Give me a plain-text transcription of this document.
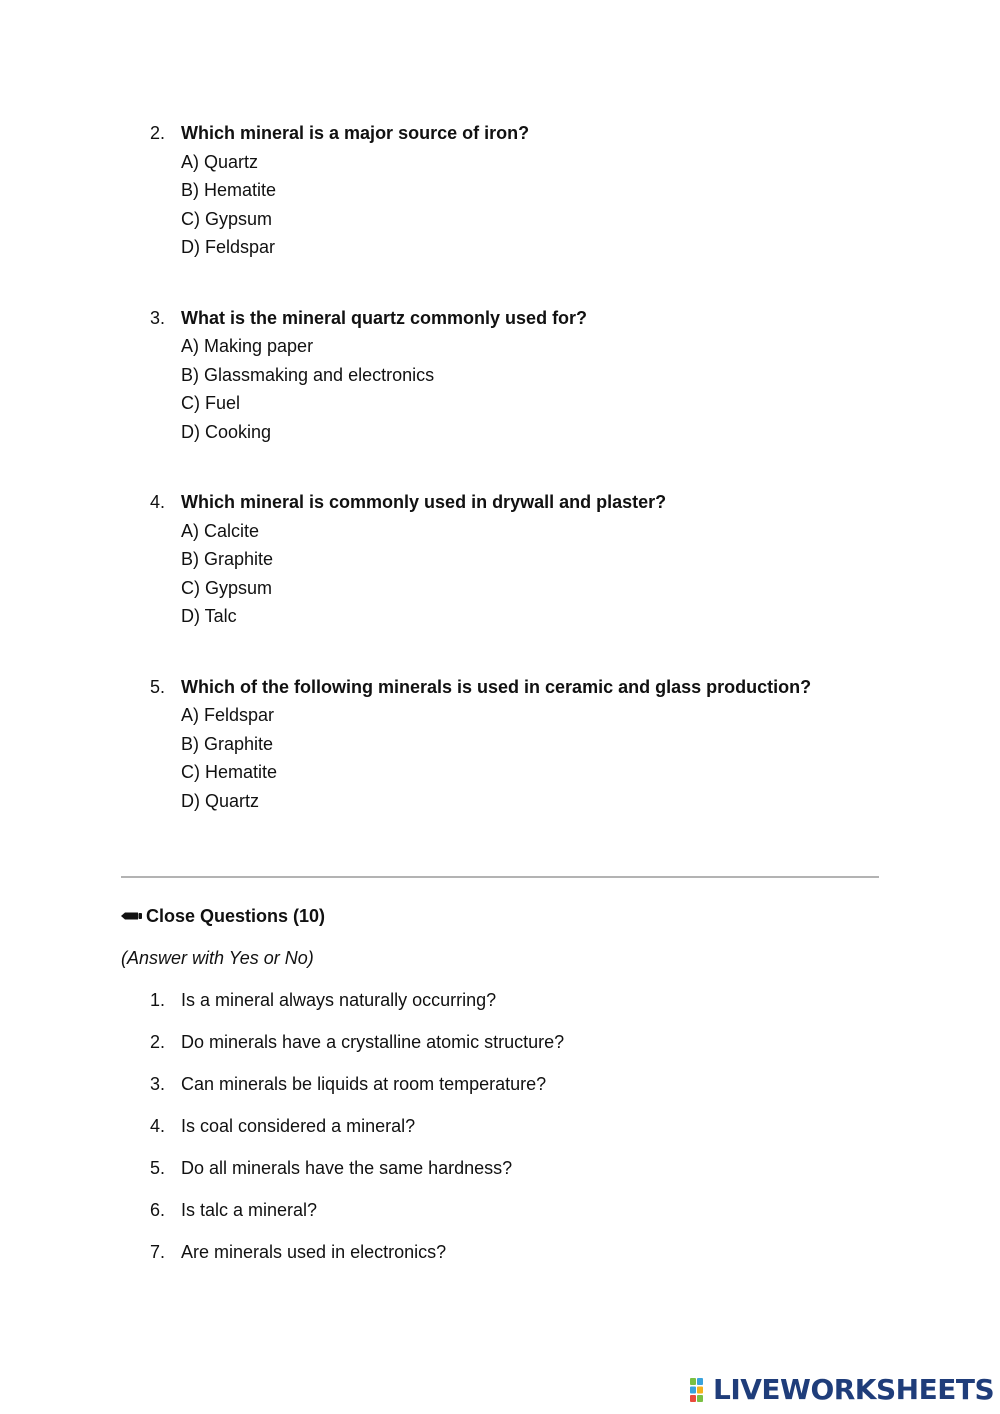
2. Which mineral is a major source of iron?
A) Quartz
B) Hematite
C) Gypsum
D) Feldspar
3. What is the mineral quartz commonly used for?
A) Making paper
B) Glassmaking and electronics
C) Fuel
D) Cooking
4. Which mineral is commonly used in drywall and plaster?
A) Calcite
B) Graphite
C) Gypsum
D) Talc
5. Which of the following minerals is used in ceramic and glass production?
A) Feldspar
B) Graphite
C) Hematite
D) Quartz
Close Questions (10)
(Answer with Yes or No)
1. Is a mineral always naturally occurring?
2. Do minerals have a crystalline atomic structure?
3. Can minerals be liquids at room temperature?
4. Is coal considered a mineral?
5. Do all minerals have the same hardness?
6. Is talc a mineral?
7. Are minerals used in electronics?
LIVEWORKSHEETS
